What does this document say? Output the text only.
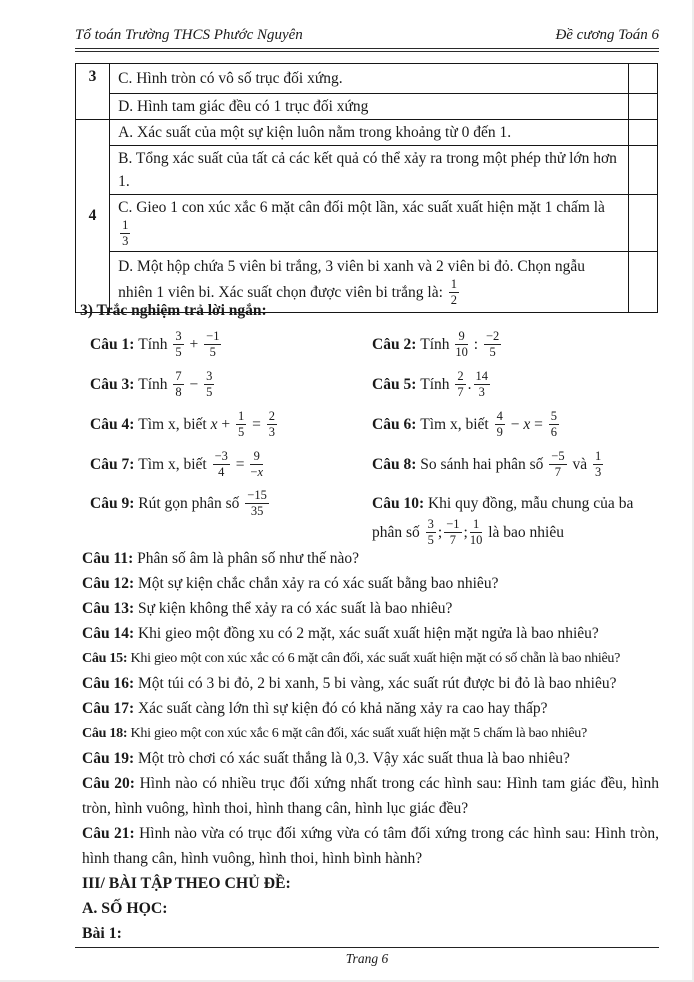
Tổ toán Trường THCS Phước Nguyên	Đề cương Toán 6
3	C. Hình tròn có vô số trục đối xứng.	
	D. Hình tam giác đều có 1 trục đối xứng	
4	A. Xác suất của một sự kiện luôn nằm trong khoảng từ 0 đến 1.	
	B. Tổng xác suất của tất cả các kết quả có thể xảy ra trong một phép thử lớn hơn 1.	
	C. Gieo 1 con xúc xắc 6 mặt cân đối một lần, xác suất xuất hiện mặt 1 chấm là
$\frac{1}{3}$

	D. Một hộp chứa 5 viên bi trắng, 3 viên bi xanh và 2 viên bi đỏ. Chọn ngẫu nhiên 1 viên bi. Xác suất chọn được viên bi trắng là: $\frac{1}{2}$

3) Trắc nghiệm trả lời ngắn:
Câu 1: Tính $\frac{3}{5} + \frac{-1}{5}$
Câu 3: Tính $\frac{7}{8} - \frac{3}{5}$
Câu 4: Tìm x, biết $x + \frac{1}{5} = \frac{2}{3}$
Câu 7: Tìm x, biết $\frac{-3}{4} = \frac{9}{-x}$
Câu 9: Rút gọn phân số $\frac{-15}{35}$
Câu 2: Tính $\frac{9}{10}$ : $\frac{-2}{5}$
Câu 5: Tính $\frac{2}{7}$ . $\frac{14}{3}$
Câu 6: Tìm x, biết $\frac{4}{9} - x = \frac{5}{6}$
Câu 8: So sánh hai phân số $\frac{-5}{7}$ và $\frac{1}{3}$
Câu 10: Khi quy đồng, mẫu chung của ba phân số $\frac{3}{5}$ ; $\frac{-1}{7}$ ; $\frac{1}{10}$ là bao nhiêu
Câu 11: Phân số âm là phân số như thế nào?
Câu 12: Một sự kiện chắc chắn xảy ra có xác suất bằng bao nhiêu?
Câu 13: Sự kiện không thể xảy ra có xác suất là bao nhiêu?
Câu 14: Khi gieo một đồng xu có 2 mặt, xác suất xuất hiện mặt ngửa là bao nhiêu?
Câu 15: Khi gieo một con xúc xắc có 6 mặt cân đối, xác suất xuất hiện mặt có số chẵn là bao nhiêu?
Câu 16: Một túi có 3 bi đỏ, 2 bi xanh, 5 bi vàng, xác suất rút được bi đỏ là bao nhiêu?
Câu 17: Xác suất càng lớn thì sự kiện đó có khả năng xảy ra cao hay thấp?
Câu 18: Khi gieo một con xúc xắc 6 mặt cân đối, xác suất xuất hiện mặt 5 chấm là bao nhiêu?
Câu 19: Một trò chơi có xác suất thắng là 0,3. Vậy xác suất thua là bao nhiêu?
Câu 20: Hình nào có nhiều trục đối xứng nhất trong các hình sau: Hình tam giác đều, hình tròn, hình vuông, hình thoi, hình thang cân, hình lục giác đều?
Câu 21: Hình nào vừa có trục đối xứng vừa có tâm đối xứng trong các hình sau: Hình tròn, hình thang cân, hình vuông, hình thoi, hình bình hành?
III/ BÀI TẬP THEO CHỦ ĐỀ:
A. SỐ HỌC:
Bài 1:
Trang 6
